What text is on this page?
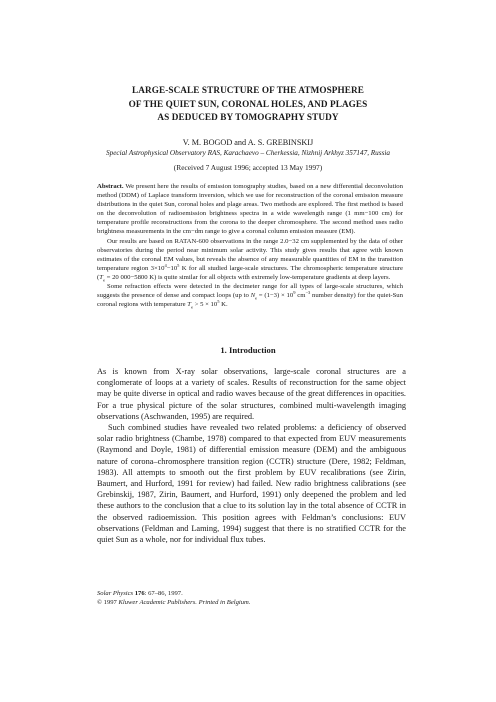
LARGE-SCALE STRUCTURE OF THE ATMOSPHERE
OF THE QUIET SUN, CORONAL HOLES, AND PLAGES
AS DEDUCED BY TOMOGRAPHY STUDY
V. M. BOGOD and A. S. GREBINSKIJ
Special Astrophysical Observatory RAS, Karachaevo – Cherkessia, Nizhnij Arkhyz 357147, Russia
(Received 7 August 1996; accepted 13 May 1997)

Abstract. We present here the results of emission tomography studies, based on a new differential deconvolution method (DDM) of Laplace transform inversion, which we use for reconstruction of the coronal emission measure distributions in the quiet Sun, coronal holes and plage areas. Two methods are explored. The first method is based on the deconvolution of radioemission brightness spectra in a wide wavelength range (1 mm−100 cm) for temperature profile reconstructions from the corona to the deeper chromosphere. The second method uses radio brightness measurements in the cm−dm range to give a coronal column emission measure (EM).

Our results are based on RATAN-600 observations in the range 2.0−32 cm supplemented by the data of other observatories during the period near minimum solar activity. This study gives results that agree with known estimates of the coronal EM values, but reveals the absence of any measurable quantities of EM in the transition temperature region $3\times 10^4-10^5$ K for all studied large-scale structures. The chromospheric temperature structure ($T_e = 20$ 000−5800 K) is quite similar for all objects with extremely low-temperature gradients at deep layers.

Some refraction effects were detected in the decimeter range for all types of large-scale structures, which suggests the presence of dense and compact loops (up to $N_e = (1-3) \times 10^9$ $cm^{-3}$ number density) for the quiet-Sun coronal regions with temperature $T_e > 5 \times 10^5$ K.

1. Introduction

As is known from X-ray solar observations, large-scale coronal structures are a conglomerate of loops at a variety of scales. Results of reconstruction for the same object may be quite diverse in optical and radio waves because of the great differences in opacities. For a true physical picture of the solar structures, combined multi-wavelength imaging observations (Aschwanden, 1995) are required.

Such combined studies have revealed two related problems: a deficiency of observed solar radio brightness (Chambe, 1978) compared to that expected from EUV measurements (Raymond and Doyle, 1981) of differential emission measure (DEM) and the ambiguous nature of corona–chromosphere transition region (CCTR) structure (Dere, 1982; Feldman, 1983). All attempts to smooth out the first problem by EUV recalibrations (see Zirin, Baumert, and Hurford, 1991 for review) had failed. New radio brightness calibrations (see Grebinskij, 1987, Zirin, Baumert, and Hurford, 1991) only deepened the problem and led these authors to the conclusion that a clue to its solution lay in the total absence of CCTR in the observed radioemission. This position agrees with Feldman’s conclusions: EUV observations (Feldman and Laming, 1994) suggest that there is no stratified CCTR for the quiet Sun as a whole, nor for individual flux tubes.

Solar Physics 176: 67–86, 1997.
© 1997 Kluwer Academic Publishers. Printed in Belgium.
